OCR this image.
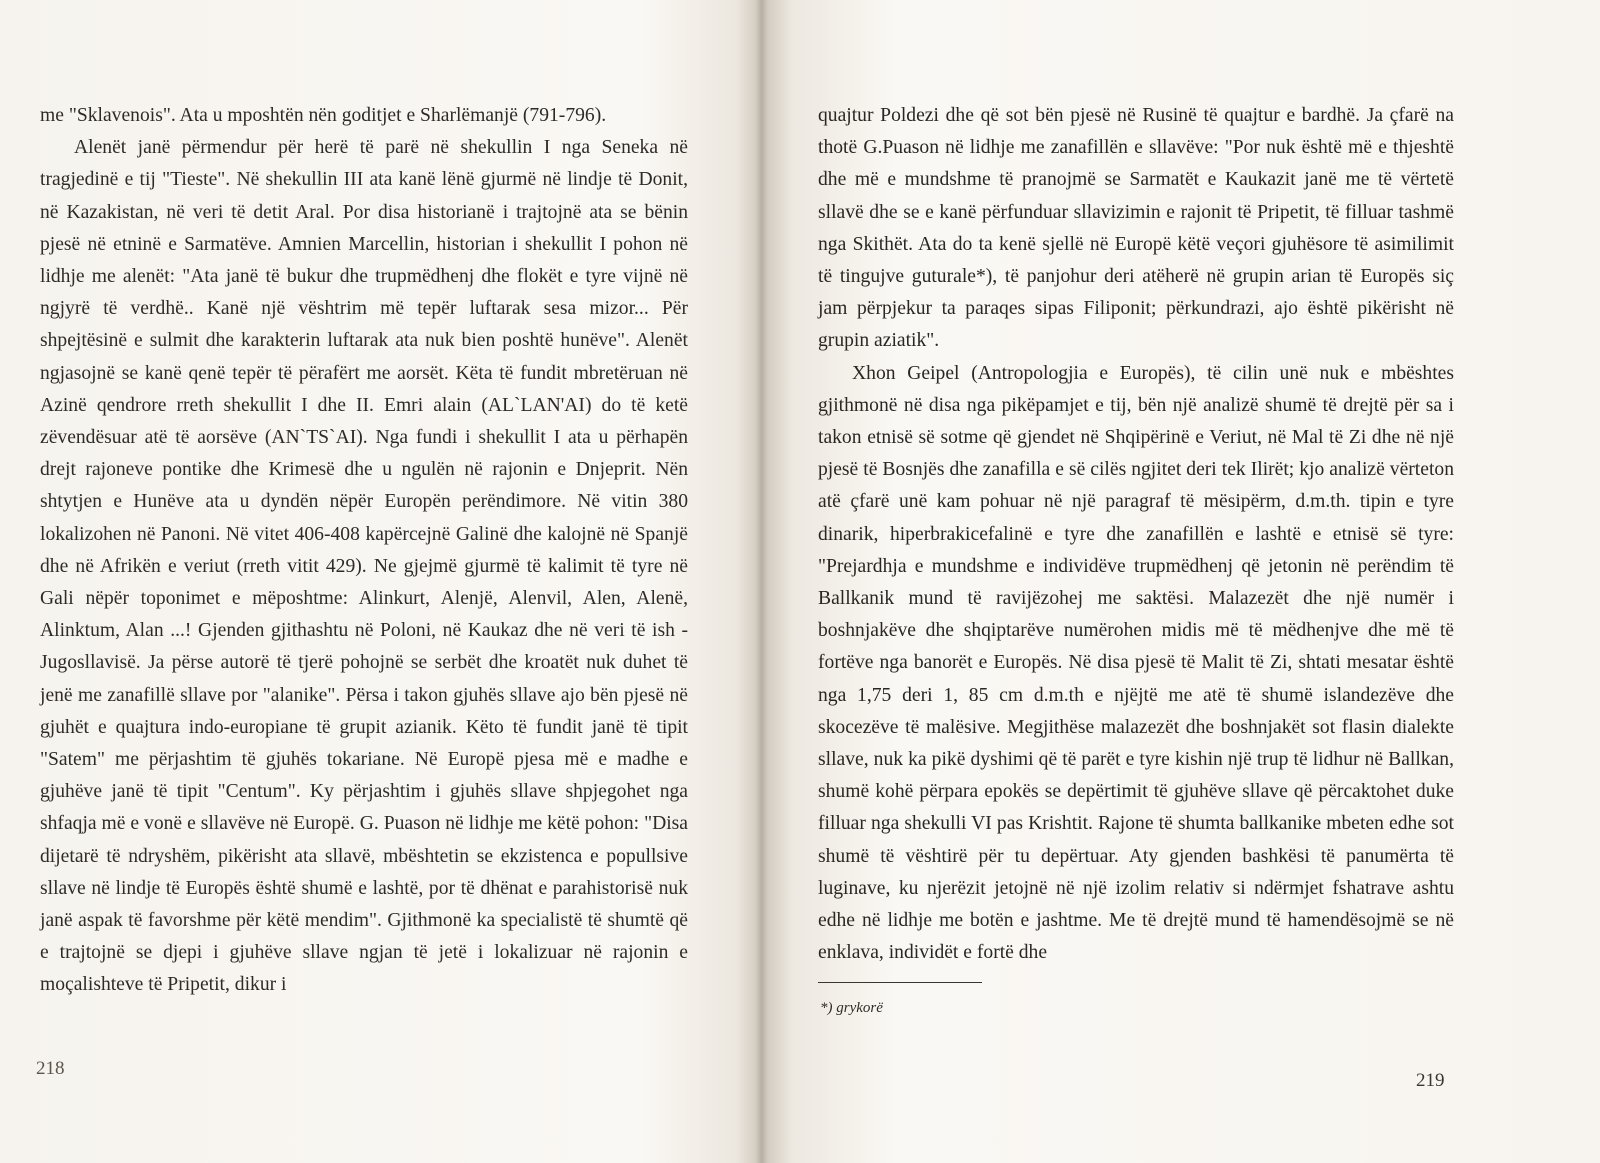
me "Sklavenois". Ata u mposhtën nën goditjet e Sharlëmanjë (791-796).

Alenët janë përmendur për herë të parë në shekullin I nga Seneka në tragjedinë e tij "Tieste". Në shekullin III ata kanë lënë gjurmë në lindje të Donit, në Kazakistan, në veri të detit Aral. Por disa historianë i trajtojnë ata se bënin pjesë në etninë e Sarmatëve. Amnien Marcellin, historian i shekullit I pohon në lidhje me alenët: "Ata janë të bukur dhe trupmëdhenj dhe flokët e tyre vijnë në ngjyrë të verdhë.. Kanë një vështrim më tepër luftarak sesa mizor... Për shpejtësinë e sulmit dhe karakterin luftarak ata nuk bien poshtë hunëve". Alenët ngjasojnë se kanë qenë tepër të përafërt me aorsët. Këta të fundit mbretëruan në Azinë qendrore rreth shekullit I dhe II. Emri alain (AL`LAN'AI) do të ketë zëvendësuar atë të aorsëve (AN`TS`AI). Nga fundi i shekullit I ata u përhapën drejt rajoneve pontike dhe Krimesë dhe u ngulën në rajonin e Dnjeprit. Nën shtytjen e Hunëve ata u dyndën nëpër Europën perëndimore. Në vitin 380 lokalizohen në Panoni. Në vitet 406-408 kapërcejnë Galinë dhe kalojnë në Spanjë dhe në Afrikën e veriut (rreth vitit 429). Ne gjejmë gjurmë të kalimit të tyre në Gali nëpër toponimet e mëposhtme: Alinkurt, Alenjë, Alenvil, Alen, Alenë, Alinktum, Alan ...! Gjenden gjithashtu në Poloni, në Kaukaz dhe në veri të ish - Jugosllavisë. Ja përse autorë të tjerë pohojnë se serbët dhe kroatët nuk duhet të jenë me zanafillë sllave por "alanike". Përsa i takon gjuhës sllave ajo bën pjesë në gjuhët e quajtura indo-europiane të grupit azianik. Këto të fundit janë të tipit "Satem" me përjashtim të gjuhës tokariane. Në Europë pjesa më e madhe e gjuhëve janë të tipit "Centum". Ky përjashtim i gjuhës sllave shpjegohet nga shfaqja më e vonë e sllavëve në Europë. G. Puason në lidhje me këtë pohon: "Disa dijetarë të ndryshëm, pikërisht ata sllavë, mbështetin se ekzistenca e popullsive sllave në lindje të Europës është shumë e lashtë, por të dhënat e parahistorisë nuk janë aspak të favorshme për këtë mendim". Gjithmonë ka specialistë të shumtë që e trajtojnë se djepi i gjuhëve sllave ngjan të jetë i lokalizuar në rajonin e moçalishteve të Pripetit, dikur i

quajtur Poldezi dhe që sot bën pjesë në Rusinë të quajtur e bardhë. Ja çfarë na thotë G.Puason në lidhje me zanafillën e sllavëve: "Por nuk është më e thjeshtë dhe më e mundshme të pranojmë se Sarmatët e Kaukazit janë me të vërtetë sllavë dhe se e kanë përfunduar sllavizimin e rajonit të Pripetit, të filluar tashmë nga Skithët. Ata do ta kenë sjellë në Europë këtë veçori gjuhësore të asimilimit të tingujve guturale*), të panjohur deri atëherë në grupin arian të Europës siç jam përpjekur ta paraqes sipas Filiponit; përkundrazi, ajo është pikërisht në grupin aziatik".

Xhon Geipel (Antropologjia e Europës), të cilin unë nuk e mbështes gjithmonë në disa nga pikëpamjet e tij, bën një analizë shumë të drejtë për sa i takon etnisë së sotme që gjendet në Shqipërinë e Veriut, në Mal të Zi dhe në një pjesë të Bosnjës dhe zanafilla e së cilës ngjitet deri tek Ilirët; kjo analizë vërteton atë çfarë unë kam pohuar në një paragraf të mësipërm, d.m.th. tipin e tyre dinarik, hiperbrakicefalinë e tyre dhe zanafillën e lashtë e etnisë së tyre: "Prejardhja e mundshme e individëve trupmëdhenj që jetonin në perëndim të Ballkanik mund të ravijëzohej me saktësi. Malazezët dhe një numër i boshnjakëve dhe shqiptarëve numërohen midis më të mëdhenjve dhe më të fortëve nga banorët e Europës. Në disa pjesë të Malit të Zi, shtati mesatar është nga 1,75 deri 1, 85 cm d.m.th e njëjtë me atë të shumë islandezëve dhe skocezëve të malësive. Megjithëse malazezët dhe boshnjakët sot flasin dialekte sllave, nuk ka pikë dyshimi që të parët e tyre kishin një trup të lidhur në Ballkan, shumë kohë përpara epokës se depërtimit të gjuhëve sllave që përcaktohet duke filluar nga shekulli VI pas Krishtit. Rajone të shumta ballkanike mbeten edhe sot shumë të vështirë për tu depërtuar. Aty gjenden bashkësi të panumërta të luginave, ku njerëzit jetojnë në një izolim relativ si ndërmjet fshatrave ashtu edhe në lidhje me botën e jashtme. Me të drejtë mund të hamendësojmë se në enklava, individët e fortë dhe

*) grykorë
218
219
